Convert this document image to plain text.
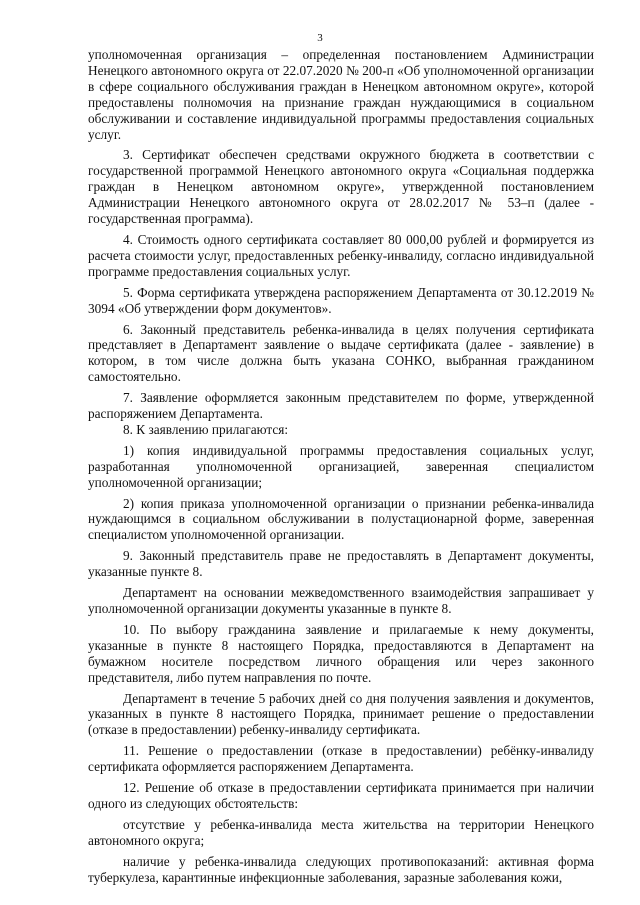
3

уполномоченная организация – определенная постановлением Администрации Ненецкого автономного округа от 22.07.2020 № 200-п «Об уполномоченной организации в сфере социального обслуживания граждан в Ненецком автономном округе», которой предоставлены полномочия на признание граждан нуждающимися в социальном обслуживании и составление индивидуальной программы предоставления социальных услуг.

3. Сертификат обеспечен средствами окружного бюджета в соответствии с государственной программой Ненецкого автономного округа «Социальная поддержка граждан в Ненецком автономном округе», утвержденной постановлением Администрации Ненецкого автономного округа от 28.02.2017 № 53–п (далее - государственная программа).

4. Стоимость одного сертификата составляет 80 000,00 рублей и формируется из расчета стоимости услуг, предоставленных ребенку-инвалиду, согласно индивидуальной программе предоставления социальных услуг.

5. Форма сертификата утверждена распоряжением Департамента от 30.12.2019 № 3094 «Об утверждении форм документов».

6. Законный представитель ребенка-инвалида в целях получения сертификата представляет в Департамент заявление о выдаче сертификата (далее - заявление) в котором, в том числе должна быть указана СОНКО, выбранная гражданином самостоятельно.

7. Заявление оформляется законным представителем по форме, утвержденной распоряжением Департамента.

8. К заявлению прилагаются:

1) копия индивидуальной программы предоставления социальных услуг, разработанная уполномоченной организацией, заверенная специалистом уполномоченной организации;

2) копия приказа уполномоченной организации о признании ребенка-инвалида нуждающимся в социальном обслуживании в полустационарной форме, заверенная специалистом уполномоченной организации.

9. Законный представитель праве не предоставлять в Департамент документы, указанные пункте 8.

Департамент на основании межведомственного взаимодействия запрашивает у уполномоченной организации документы указанные в пункте 8.

10. По выбору гражданина заявление и прилагаемые к нему документы, указанные в пункте 8 настоящего Порядка, предоставляются в Департамент на бумажном носителе посредством личного обращения или через законного представителя, либо путем направления по почте.

Департамент в течение 5 рабочих дней со дня получения заявления и документов, указанных в пункте 8 настоящего Порядка, принимает решение о предоставлении (отказе в предоставлении) ребенку-инвалиду сертификата.

11. Решение о предоставлении (отказе в предоставлении) ребёнку-инвалиду сертификата оформляется распоряжением Департамента.

12. Решение об отказе в предоставлении сертификата принимается при наличии одного из следующих обстоятельств:

отсутствие у ребенка-инвалида места жительства на территории Ненецкого автономного округа;

наличие у ребенка-инвалида следующих противопоказаний: активная форма туберкулеза, карантинные инфекционные заболевания, заразные заболевания кожи,
